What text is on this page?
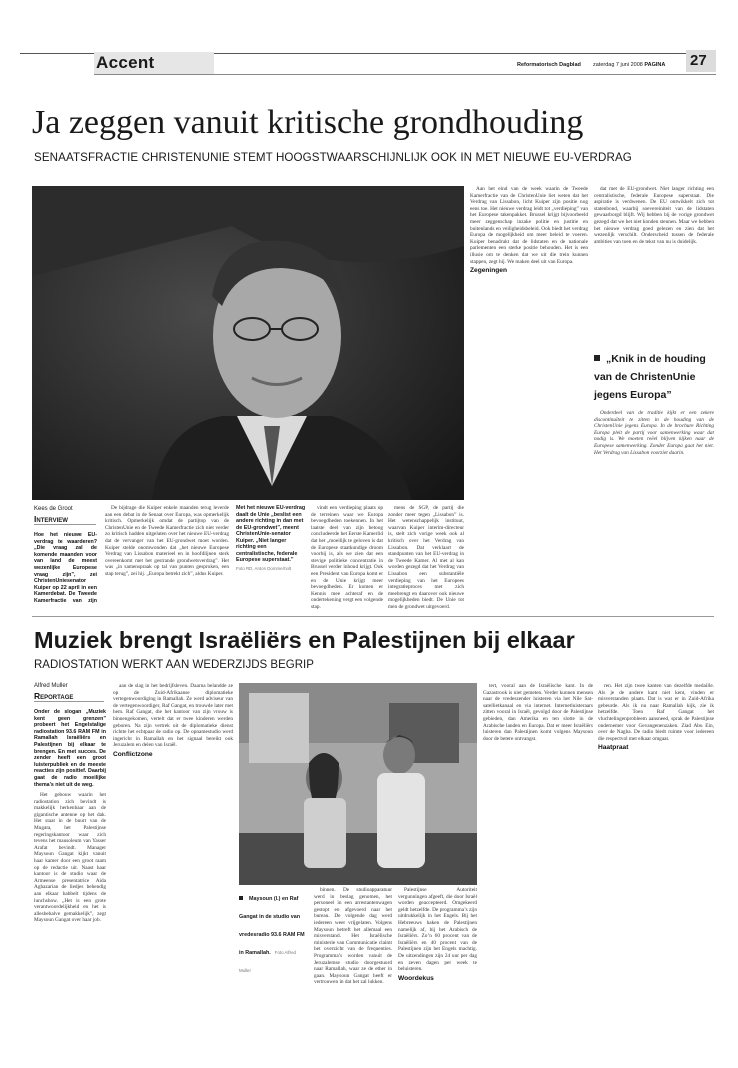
Accent	Reformatorisch Dagblad zaterdag 7 juni 2008 PAGINA 27
Ja zeggen vanuit kritische grondhouding
SENAATSFRACTIE CHRISTENUNIE STEMT HOOGSTWAARSCHIJNLIJK OOK IN MET NIEUWE EU-VERDRAG
Kees de Groot
Interview
Hoe het nieuwe EU-verdrag te waarderen? „Die vraag zal de komende maanden voor van land de meest wezenlijke Europese vraag zijn”, zei ChristenUniesenator Kuiper op 22 april in een Kamerdebat. De Tweede Kamerfractie van zijn

De bijdrage die Kuiper enkele maanden terug leverde aan een debat in de Senaat over Europa, was opmerkelijk kritisch. Opmerkelijk omdat de partijtop van de ChristenUnie en de Tweede Kamerfractie zich niet verder zo kritisch hadden uitgelaten over het nieuwe EU-verdrag dat de vervanger van het EU-grondwet moet worden. Kuiper stelde onomwonden dat „het nieuwe Europese Verdrag van Lissabon materieel en in hoofdlijnen sterk overeenkomt met het gestrande grondwetsverdrag”. Het was „in samenspraak op tal van punten gesproken, een stap terug”, zei hij. „Europa betrekt zich”, aldus Kuiper.

Met het nieuwe EU-verdrag daalt de Unie „beslist een andere richting in dan met de EU-grondwet”, meent ChristenUnie-senator Kuiper. „Niet langer richting een centralistische, federale Europese superstaat.”
Foto RD, Anton Dommerholt

vindt een verdieping plaats op de terreinen waar we Europa bevoegdheden toekennen. In het laatste deel van zijn betoog concludeerde het Eerste Kamerlid dat het „moeilijk te geloven is dat de Europese staatkundige droom voorbij is, als we zien dat een stevige politieke concentratie in Brussel verder inhoud krijgt. Ook een President van Europa komt er en de Unie krijgt meer bevoegdheden. Er komen er Kennis mee achteraf en de ondertekening vergt een volgende stap.

mens de SGP, de partij die zonder meer tegen „Lissabon” is. Het wetenschappelijk instituut, waarvan Kuiper interim-directeur is, stelt zich vorige week ook al kritisch over het Verdrag van Lissabon. Dat verklaart de standpunten van het EU-verdrag in de Tweede Kamer. Al met al kan worden gezegd dat het Verdrag van Lissabon een substantiële verdieping van het Europees integratieproces met zich meebrengt en daarover ook nieuwe mogelijkheden biedt. De Unie tot men de grondwet uitgevoerd.

Aan het eind van de week waarin de Tweede Kamerfractie van de ChristenUnie liet weten dat het Verdrag van Lissabon, licht Kuiper zijn positie nog eens toe. Het nieuwe verdrag leidt tot „verdieping” van het Europese takenpakket. Brussel krijgt bijvoorbeeld meer zeggenschap inzake politie en justitie en buitenlands en veiligheidsbeleid. Ook biedt het verdrag Europa de mogelijkheid om meer beleid te voeren. Kuiper benadrukt dat de lidstaten en de nationale parlementen een sterke positie behouden. Het is een illusie om te denken dat we uit die trein kunnen stappen, zegt hij. We maken deel uit van Europa.

Zegeningen

dat met de EU-grondwet. Niet langer richting een centralistische, federale Europese superstaat. Die aspiratie is verdwenen. De EU ontwikkelt zich tot statenbond, waarbij soevereiniteit van de lidstaten gewaarborgd blijft. Wij hebben bij de vorige grondwet gezegd dat we het niet konden steunen. Maar we hebben het nieuwe verdrag goed gelezen en zien dat het wezenlijk verschilt. Onderscheid tussen de federale ambities van toen en de tekst van nu is duidelijk.

„Knik in de houding van de ChristenUnie jegens Europa”

Onderdeel van de traditie kijkt er een zekere discontinuïteit te zitten in de houding van de ChristenUnie jegens Europa. In de brochure Richting Europa pleit de partij voor samenwerking waar dat nodig is. We moeten reëel blijven kijken naar de Europese samenwerking. Zonder Europa gaat het niet. Het Verdrag van Lissabon voorziet daarin.

Muziek brengt Israëliërs en Palestijnen bij elkaar
RADIOSTATION WERKT AAN WEDERZIJDS BEGRIP
Alfred Muller
Reportage
Onder de slogan „Muziek kent geen grenzen” probeert het Engelstalige radiostation 93.6 RAM FM in Ramallah Israëliërs en Palestijnen bij elkaar te brengen. En met succes. De zender heeft een groot luisterpubliek en de meeste reacties zijn positief. Daarbij gaat de radio moeilijke thema’s niet uit de weg.

Het gebouw waarin het radiostation zich bevindt is makkelijk herkenbaar aan de gigantische antenne op het dak. Het staat in de buurt van de Mugata, het Palestijnse regeringskantoor waar zich tevens het mausoleum van Yasser Arafat bevindt. Manager Maysoun Gangat kijkt vanuit haar kamer door een groot raam op de redactie uit. Naast haar kantoor is de studio waar de Armeense presentatrice Aida Aghazarian de liedjes behendig aan elkaar babbelt tijdens de lunchshow. „Het is een grote verantwoordelijkheid en het is allesbehalve gemakkelijk”, zegt Maysoun Gangat over haar job.

aan de slag in het bedrijfsleven. Daarna belandde ze op de Zuid-Afrikaanse diplomatieke vertegenwoordiging in Ramallah. Ze werd adviseur van de vertegenwoordiger, Raf Gangat, en trouwde later met hem. Raf Gangat, die het kantoor van zijn vrouw is binnengekomen, vertelt dat er twee kinderen werden geboren. Na zijn vertrek uit de diplomatieke dienst richtte het echtpaar de radio op. De opnamestudio werd ingericht in Ramallah en het signaal bereikt ook Jeruzalem en delen van Israël.

Conflictzone
Maysoun (l.) en Raf Gangat in de studio van vredesradio 93.6 RAM FM in Ramallah. Foto Alfred Muller

binnen. De studioapparatuur werd in beslag genomen, het personeel in een arrestantenwagen gestopt en afgevoerd naar het bureau. De volgende dag werd iedereen weer vrijgelaten. Volgens Maysoun betreft het allemaal een misverstand. Het Israëlische ministerie van Communicatie claimt het overzicht van de frequenties. Programma’s worden vanuit de Jeruzalemse studio doorgestuurd naar Ramallah, waar ze de ether in gaan. Maysoun Gangat heeft er vertrouwen in dat het zal lukken.

Palestijnse Autoriteit vergunningen afgeeft, die door Israël worden geaccepteerd. Omgekeerd geldt hetzelfde. De programma’s zijn uitdrukkelijk in het Engels. Bij het Hebreeuws haken de Palestijnen namelijk af, bij het Arabisch de Israëliërs. Zo’n 60 procent van de Israëliërs en 40 procent van de Palestijnen zijn het Engels machtig. De uitzendingen zijn 24 uur per dag en zeven dagen per week te beluisteren.

Woordekus

tert, vooral aan de Israëlische kant. In de Gazastrook is niet gemeten. Verder kunnen mensen naar de vredeszender luisteren via het Nile Sat-satellietkanaal en via internet. Internetluisteraars zitten vooral in Israël, gevolgd door de Palestijnse gebieden, dan Amerika en ten slotte in de Arabische landen en Europa. Dat er meer Israëliërs luisteren dan Palestijnen komt volgens Maysoun door de betere ontvangst.

ren. Het zijn twee kanten van dezelfde medaille. Als je de andere kant niet kent, vinden er misverstanden plaats. Dat is wat er in Zuid-Afrika gebeurde. Als ik nu naar Ramallah kijk, zie ik hetzelfde. Toen Raf Gangat het vluchtelingenprobleem aansneed, sprak de Palestijnse ondernemer voor Gevangenenzaken. Ziad Abu Ein, over de Nagba. De radio biedt ruimte voor iedereen die respectvol met elkaar omgaat.

Haatpraat
